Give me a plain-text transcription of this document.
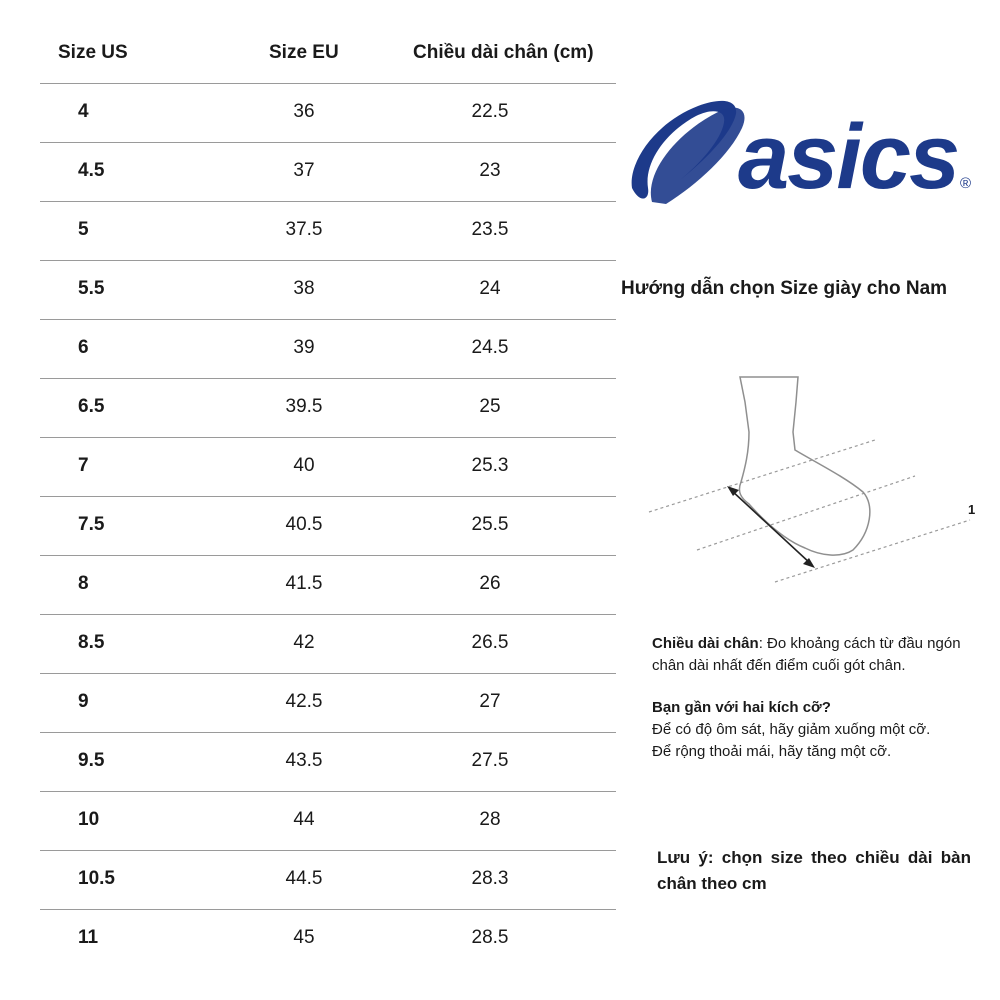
Size US	Size EU	Chiều dài chân (cm)
4	36	22.5
4.5	37	23
5	37.5	23.5
5.5	38	24
6	39	24.5
6.5	39.5	25
7	40	25.3
7.5	40.5	25.5
8	41.5	26
8.5	42	26.5
9	42.5	27
9.5	43.5	27.5
10	44	28
10.5	44.5	28.3
11	45	28.5
asics ®
Hướng dẫn chọn Size giày cho Nam
1
Chiều dài chân: Đo khoảng cách từ đầu ngón chân dài nhất đến điểm cuối gót chân.
Bạn gần với hai kích cỡ?
Để có độ ôm sát, hãy giảm xuống một cỡ.
Để rộng thoải mái, hãy tăng một cỡ.
Lưu ý: chọn size theo chiều dài bàn chân theo cm
